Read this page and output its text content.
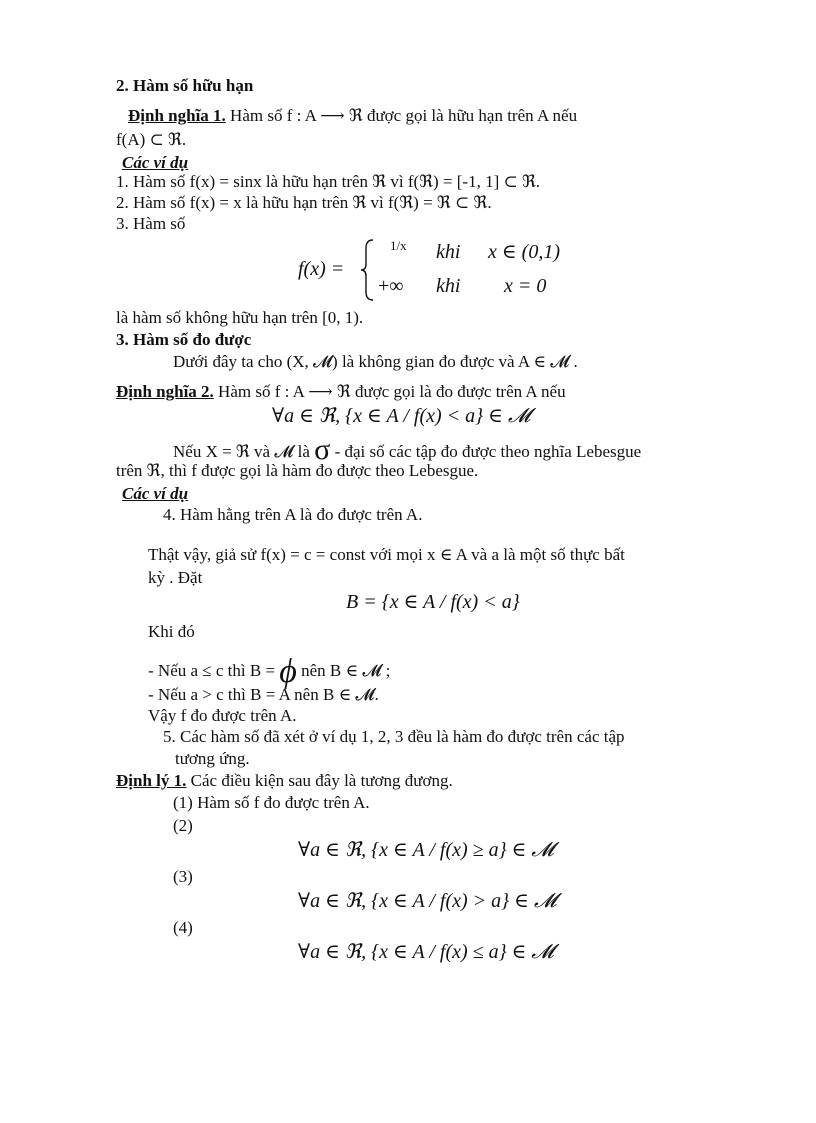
2. Hàm số hữu hạn
Định nghĩa 1. Hàm số f : A ⟶ ℜ được gọi là hữu hạn trên A nếu
f(A) ⊂ ℜ.
Các ví dụ
1. Hàm số f(x) = sinx là hữu hạn trên ℜ vì f(ℜ) = [-1, 1] ⊂ ℜ.
2. Hàm số f(x) = x là hữu hạn trên ℜ vì f(ℜ) = ℜ ⊂ ℜ.
3. Hàm số
f(x) =
1/x khi x ∈ (0,1)
+∞ khi x = 0
là hàm số không hữu hạn trên [0, 1).
3. Hàm số đo được
Dưới đây ta cho (X, 𝓜) là không gian đo được và A ∈ 𝓜 .
Định nghĩa 2. Hàm số f : A ⟶ ℜ được gọi là đo được trên A nếu
∀a ∈ ℜ, {x ∈ A / f(x) < a} ∈ 𝓜
Nếu X = ℜ và 𝓜 là σ - đại số các tập đo được theo nghĩa Lebesgue
trên ℜ, thì f được gọi là hàm đo được theo Lebesgue.
Các ví dụ
4. Hàm hằng trên A là đo được trên A.
Thật vậy, giả sử f(x) = c = const với mọi x ∈ A và a là một số thực bất
kỳ . Đặt
B = {x ∈ A / f(x) < a}
Khi đó
- Nếu a ≤ c thì B = ϕ nên B ∈ 𝓜 ;
- Nếu a > c thì B = A nên B ∈ 𝓜.
Vậy f đo được trên A.
5. Các hàm số đã xét ở ví dụ 1, 2, 3 đều là hàm đo được trên các tập
tương ứng.
Định lý 1. Các điều kiện sau đây là tương đương.
(1) Hàm số f đo được trên A.
(2)
∀a ∈ ℜ, {x ∈ A / f(x) ≥ a} ∈ 𝓜
(3)
∀a ∈ ℜ, {x ∈ A / f(x) > a} ∈ 𝓜
(4)
∀a ∈ ℜ, {x ∈ A / f(x) ≤ a} ∈ 𝓜
